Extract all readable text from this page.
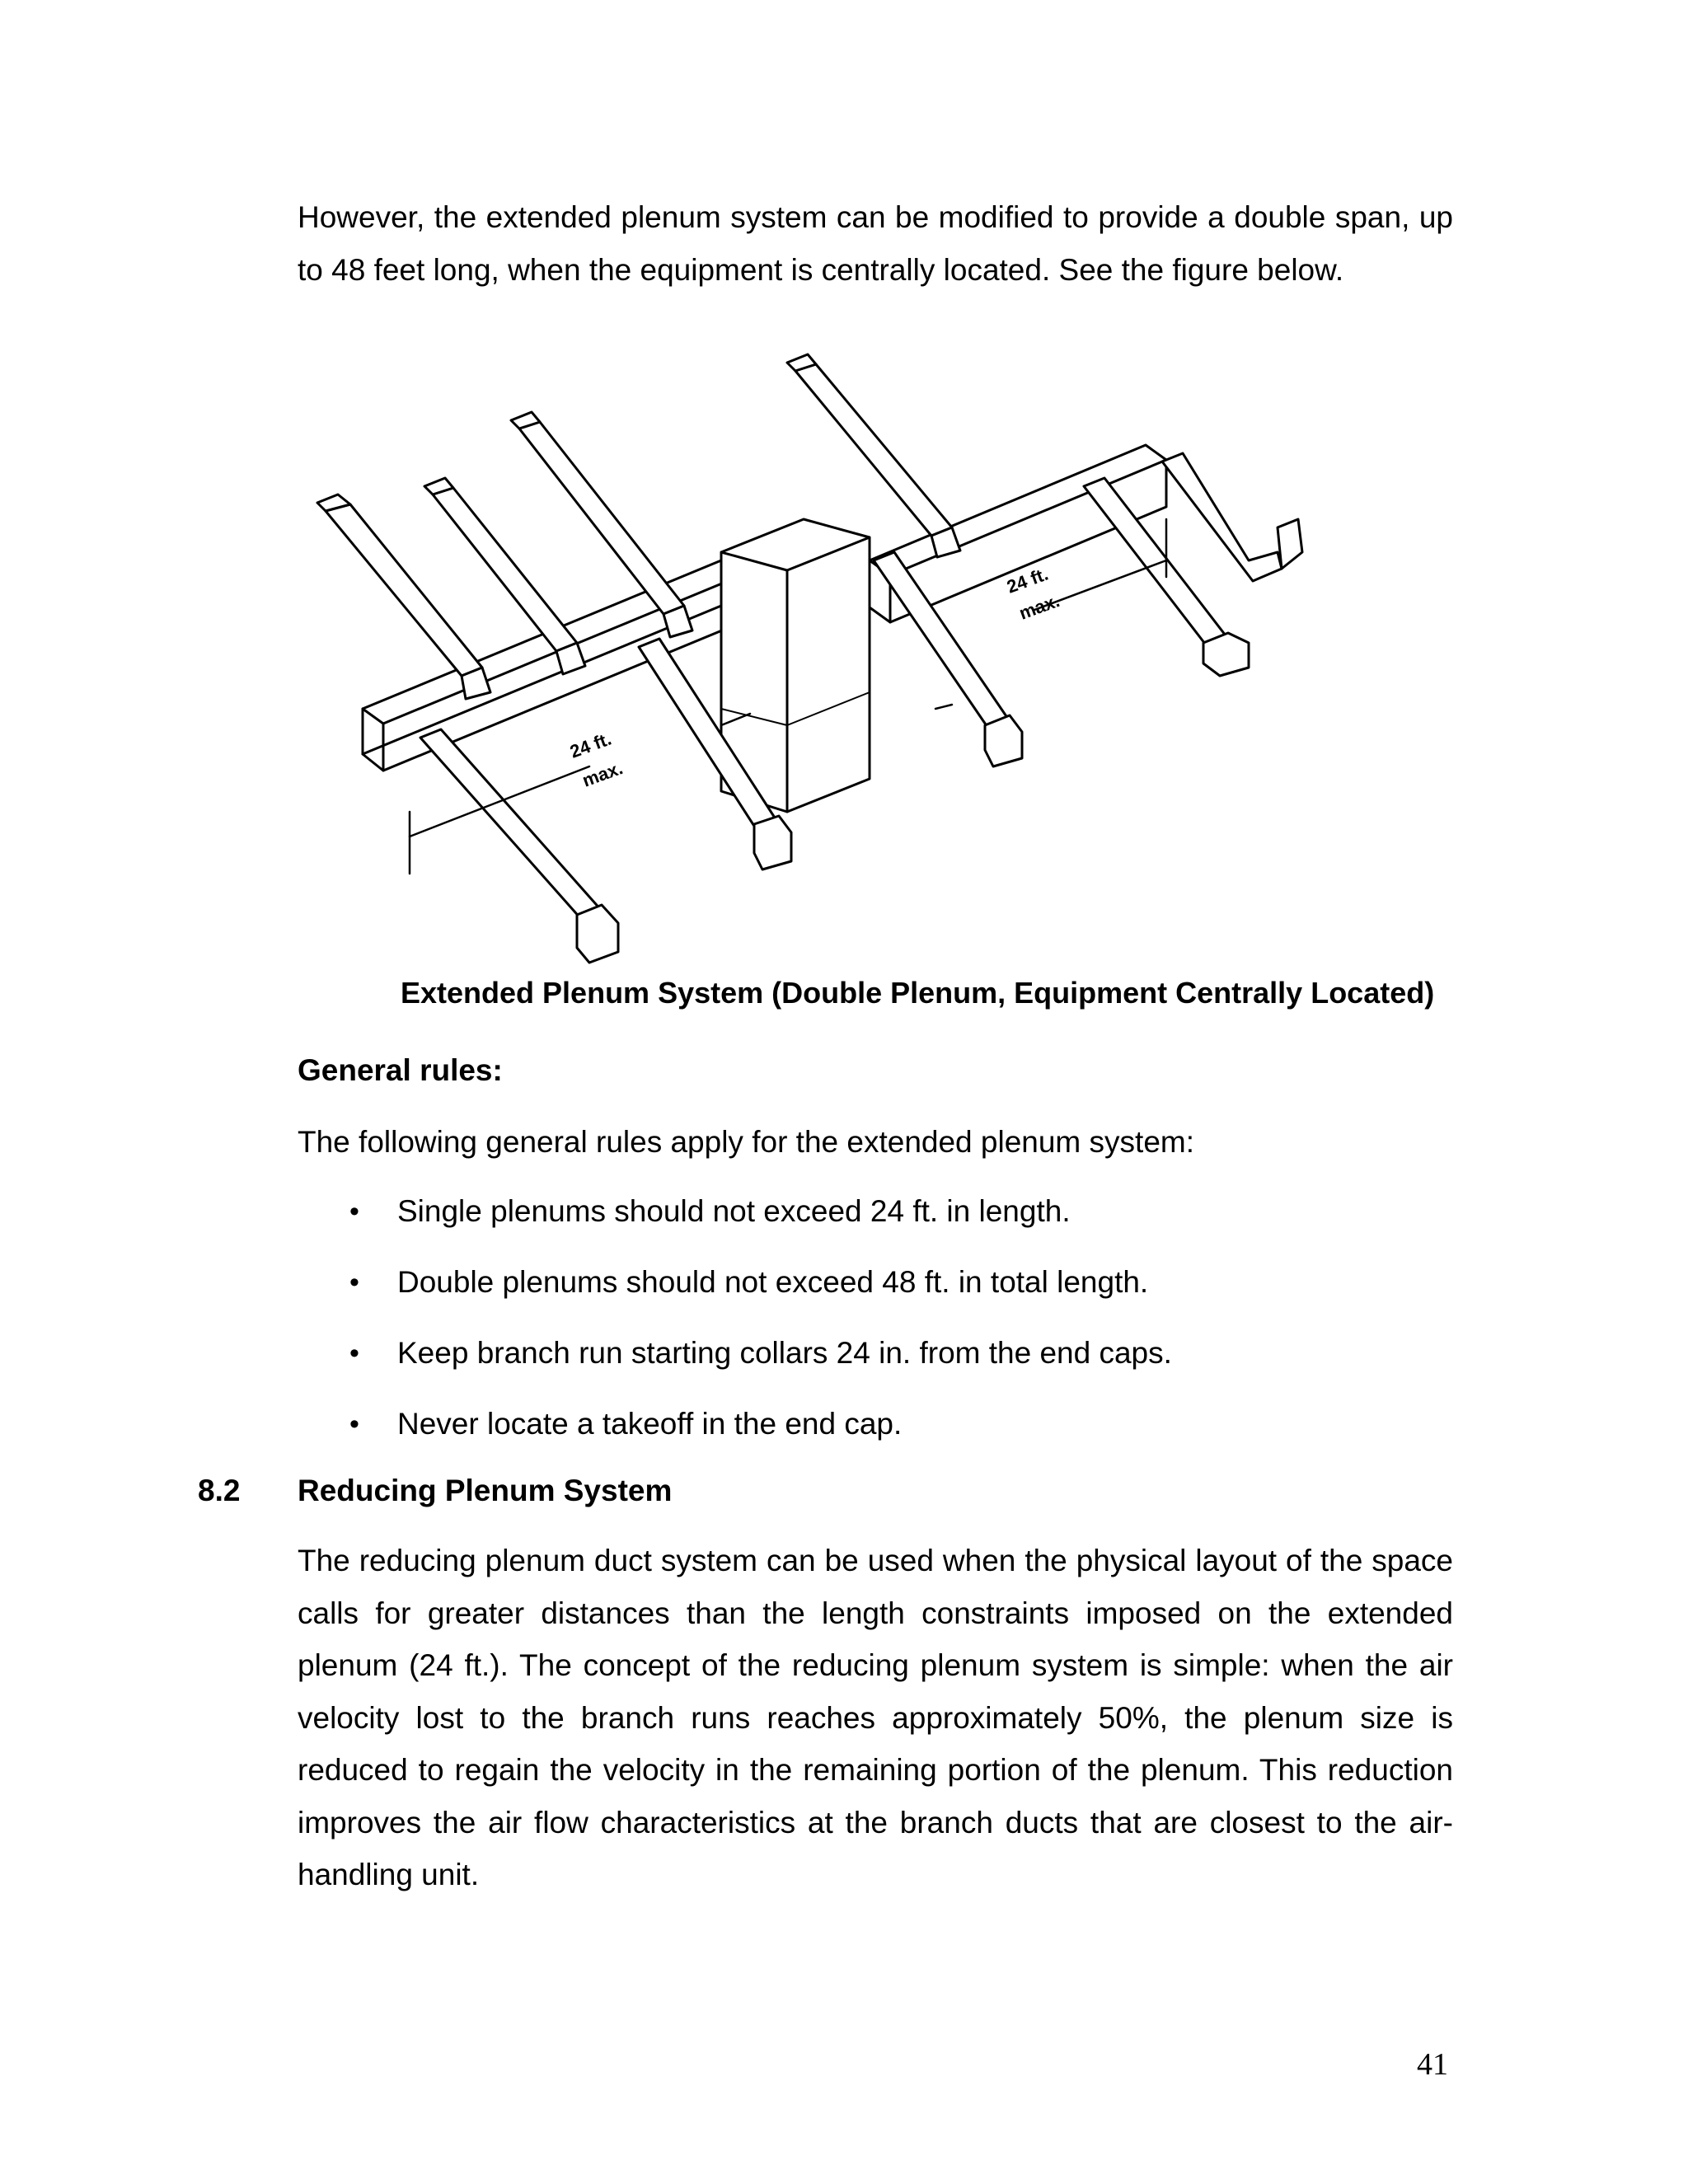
However, the extended plenum system can be modified to provide a double span, up to 48 feet long, when the equipment is centrally located. See the figure below.

24 ft.
max.
24 ft.
max.

Extended Plenum System (Double Plenum, Equipment Centrally Located)

General rules:

The following general rules apply for the extended plenum system:

• Single plenums should not exceed 24 ft. in length.
• Double plenums should not exceed 48 ft. in total length.
• Keep branch run starting collars 24 in. from the end caps.
• Never locate a takeoff in the end cap.
8.2 Reducing Plenum System

The reducing plenum duct system can be used when the physical layout of the space calls for greater distances than the length constraints imposed on the extended plenum (24 ft.). The concept of the reducing plenum system is simple: when the air velocity lost to the branch runs reaches approximately 50%, the plenum size is reduced to regain the velocity in the remaining portion of the plenum. This reduction improves the air flow characteristics at the branch ducts that are closest to the air-handling unit.

41
